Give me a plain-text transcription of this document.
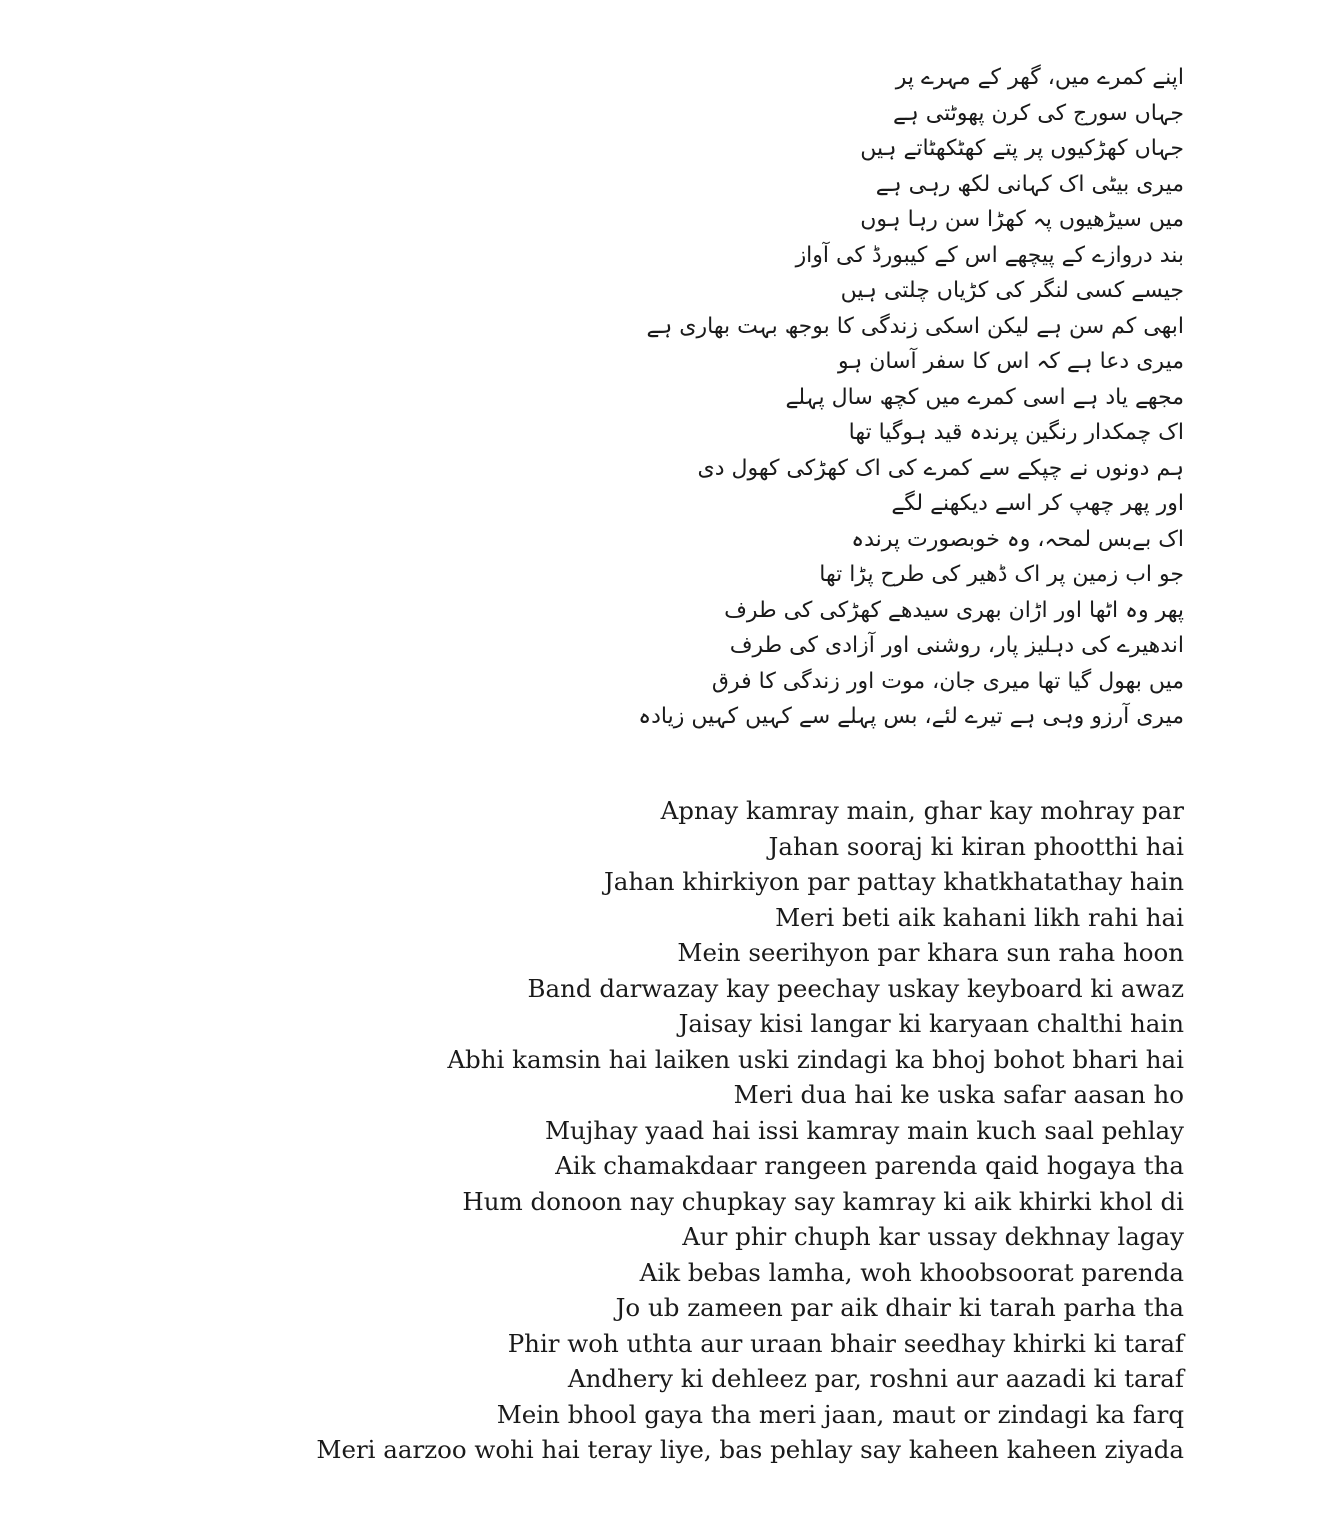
اپنے کمرے میں، گھر کے مہرے پر
جہاں سورج کی کرن پھوٹتی ہے
جہاں کھڑکیوں پر پتے کھٹکھٹاتے ہیں
میری بیٹی اک کہانی لکھ رہی ہے
میں سیڑھیوں پہ کھڑا سن رہا ہوں
بند دروازے کے پیچھے اس کے کیبورڈ کی آواز
جیسے کسی لنگر کی کڑیاں چلتی ہیں
ابھی کم سن ہے لیکن اسکی زندگی کا بوجھ بہت بھاری ہے
میری دعا ہے کہ اس کا سفر آسان ہو
مجھے یاد ہے اسی کمرے میں کچھ سال پہلے
اک چمکدار رنگین پرندہ قید ہوگیا تھا
ہم دونوں نے چپکے سے کمرے کی اک کھڑکی کھول دی
اور پھر چھپ کر اسے دیکھنے لگے
اک بےبس لمحہ، وہ خوبصورت پرندہ
جو اب زمین پر اک ڈھیر کی طرح پڑا تھا
پھر وہ اٹھا اور اڑان بھری سیدھے کھڑکی کی طرف
اندھیرے کی دہلیز پار، روشنی اور آزادی کی طرف
میں بھول گیا تھا میری جان، موت اور زندگی کا فرق
میری آرزو وہی ہے تیرے لئے، بس پہلے سے کہیں کہیں زیادہ
Apnay kamray main, ghar kay mohray par
Jahan sooraj ki kiran phootthi hai
Jahan khirkiyon par pattay khatkhatathay hain
Meri beti aik kahani likh rahi hai
Mein seerihyon par khara sun raha hoon
Band darwazay kay peechay uskay keyboard ki awaz
Jaisay kisi langar ki karyaan chalthi hain
Abhi kamsin hai laiken uski zindagi ka bhoj bohot bhari hai
Meri dua hai ke uska safar aasan ho
Mujhay yaad hai issi kamray main kuch saal pehlay
Aik chamakdaar rangeen parenda qaid hogaya tha
Hum donoon nay chupkay say kamray ki aik khirki khol di
Aur phir chuph kar ussay dekhnay lagay
Aik bebas lamha, woh khoobsoorat parenda
Jo ub zameen par aik dhair ki tarah parha tha
Phir woh uthta aur uraan bhair seedhay khirki ki taraf
Andhery ki dehleez par, roshni aur aazadi ki taraf
Mein bhool gaya tha meri jaan, maut or zindagi ka farq
Meri aarzoo wohi hai teray liye, bas pehlay say kaheen kaheen ziyada
